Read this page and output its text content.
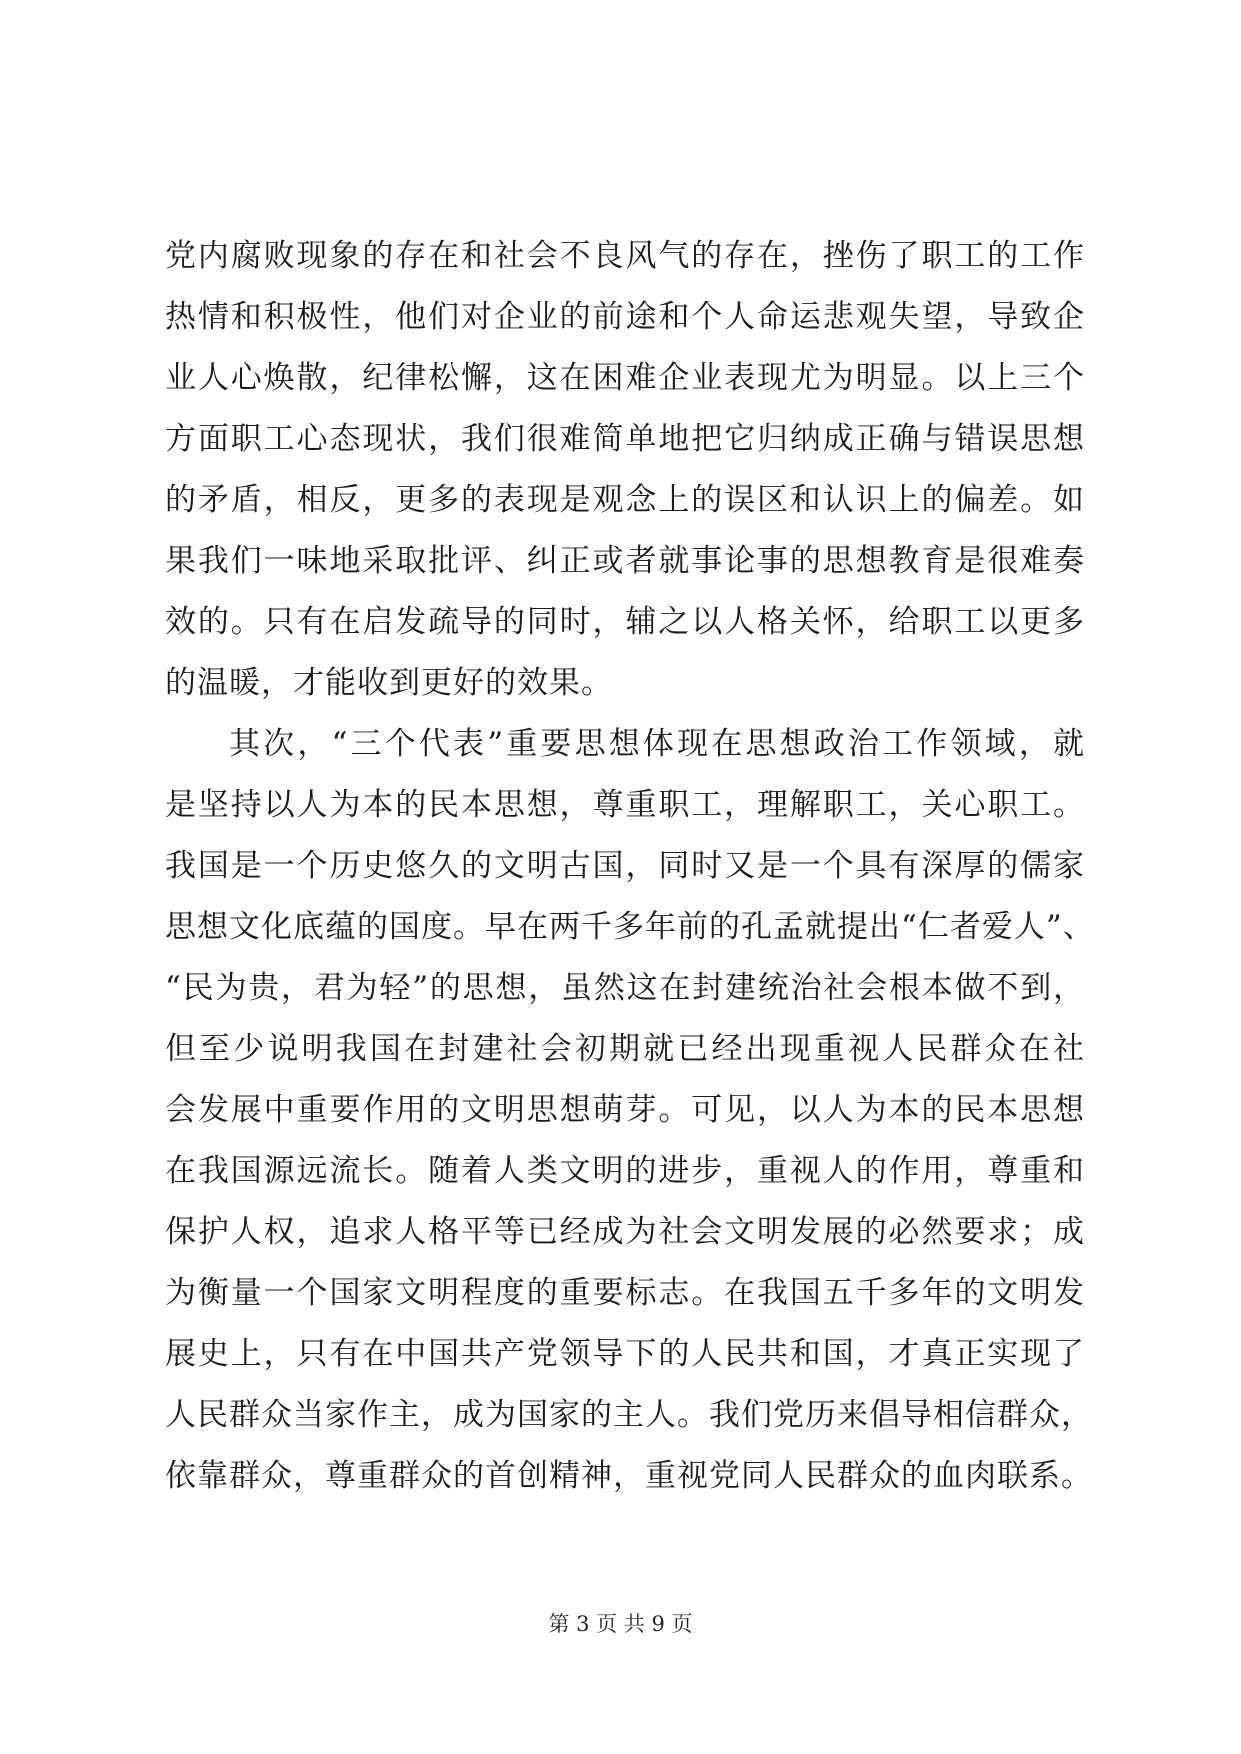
党内腐败现象的存在和社会不良风气的存在，挫伤了职工的工作
热情和积极性，他们对企业的前途和个人命运悲观失望，导致企
业人心焕散，纪律松懈，这在困难企业表现尤为明显。以上三个
方面职工心态现状，我们很难简单地把它归纳成正确与错误思想
的矛盾，相反，更多的表现是观念上的误区和认识上的偏差。如
果我们一味地采取批评、纠正或者就事论事的思想教育是很难奏
效的。只有在启发疏导的同时，辅之以人格关怀，给职工以更多
的温暖，才能收到更好的效果。
其次，“三个代表”重要思想体现在思想政治工作领域，就
是坚持以人为本的民本思想，尊重职工，理解职工，关心职工。
我国是一个历史悠久的文明古国，同时又是一个具有深厚的儒家
思想文化底蕴的国度。早在两千多年前的孔孟就提出“仁者爱人”、
“民为贵，君为轻”的思想，虽然这在封建统治社会根本做不到，
但至少说明我国在封建社会初期就已经出现重视人民群众在社
会发展中重要作用的文明思想萌芽。可见，以人为本的民本思想
在我国源远流长。随着人类文明的进步，重视人的作用，尊重和
保护人权，追求人格平等已经成为社会文明发展的必然要求；成
为衡量一个国家文明程度的重要标志。在我国五千多年的文明发
展史上，只有在中国共产党领导下的人民共和国，才真正实现了
人民群众当家作主，成为国家的主人。我们党历来倡导相信群众，
依靠群众，尊重群众的首创精神，重视党同人民群众的血肉联系。
第 3 页 共 9 页
